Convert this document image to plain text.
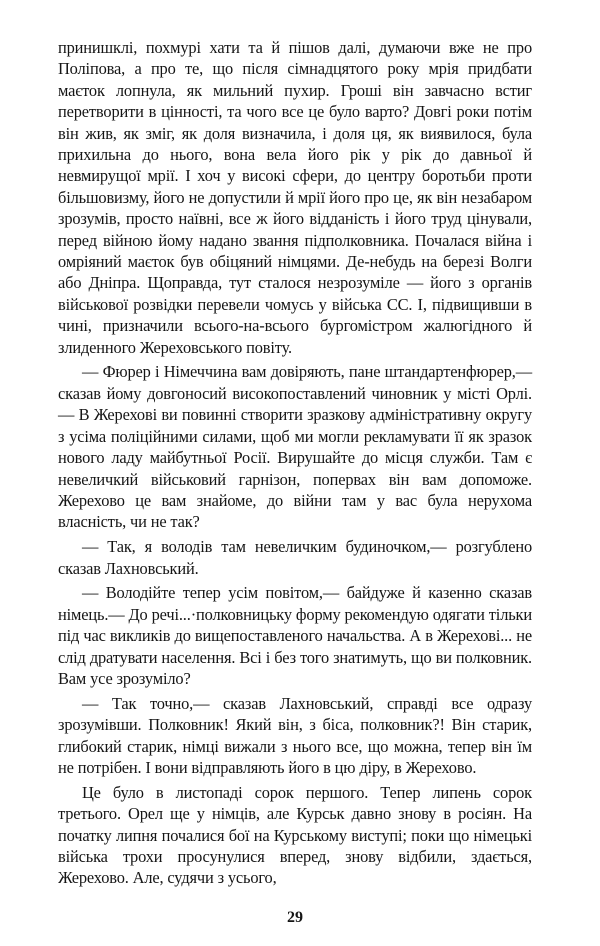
принишклі, похмурі хати та й пішов далі, думаючи вже не про Поліпова, а про те, що після сімнадцятого року мрія придбати маєток лопнула, як мильний пухир. Гроші він завчасно встиг перетворити в цінності, та чого все це було варто? Довгі роки потім він жив, як зміг, як доля визначила, і доля ця, як виявилося, була прихильна до нього, вона вела його рік у рік до давньої й невмирущої мрії. І хоч у високі сфери, до центру боротьби проти більшовизму, його не допустили й мрії його про це, як він незабаром зрозумів, просто наївні, все ж його відданість і його труд цінували, перед війною йому надано звання підполковника. Почалася війна і омріяний маєток був обіцяний німцями. Де-небудь на березі Волги або Дніпра. Щоправда, тут сталося незрозуміле — його з органів військової розвідки перевели чомусь у війська СС. І, підвищивши в чині, призначили всього-на-всього бургомістром жалюгідного й злиденного Жереховського повіту.

— Фюрер і Німеччина вам довіряють, пане штандартенфюрер,— сказав йому довгоносий високопоставлений чиновник у місті Орлі.— В Жерехові ви повинні створити зразкову адміністративну округу з усіма поліційними силами, щоб ми могли рекламувати її як зразок нового ладу майбутньої Росії. Вирушайте до місця служби. Там є невеличкий військовий гарнізон, попервах він вам допоможе. Жерехово це вам знайоме, до війни там у вас була нерухома власність, чи не так?

— Так, я володів там невеличким будиночком,— розгублено сказав Лахновський.

— Володійте тепер усім повітом,— байдуже й казенно сказав німець.— До речі...·полковницьку форму рекомендую одягати тільки під час викликів до вищепоставленого начальства. А в Жерехові... не слід дратувати населення. Всі і без того знатимуть, що ви полковник. Вам усе зрозуміло?

— Так точно,— сказав Лахновський, справді все одразу зрозумівши. Полковник! Який він, з біса, полковник?! Він старик, глибокий старик, німці вижали з нього все, що можна, тепер він їм не потрібен. І вони відправляють його в цю діру, в Жерехово.

Це було в листопаді сорок першого. Тепер липень сорок третього. Орел ще у німців, але Курськ давно знову в росіян. На початку липня почалися бої на Курському виступі; поки що німецькі війська трохи просунулися вперед, знову відбили, здається, Жерехово. Але, судячи з усього,

29
